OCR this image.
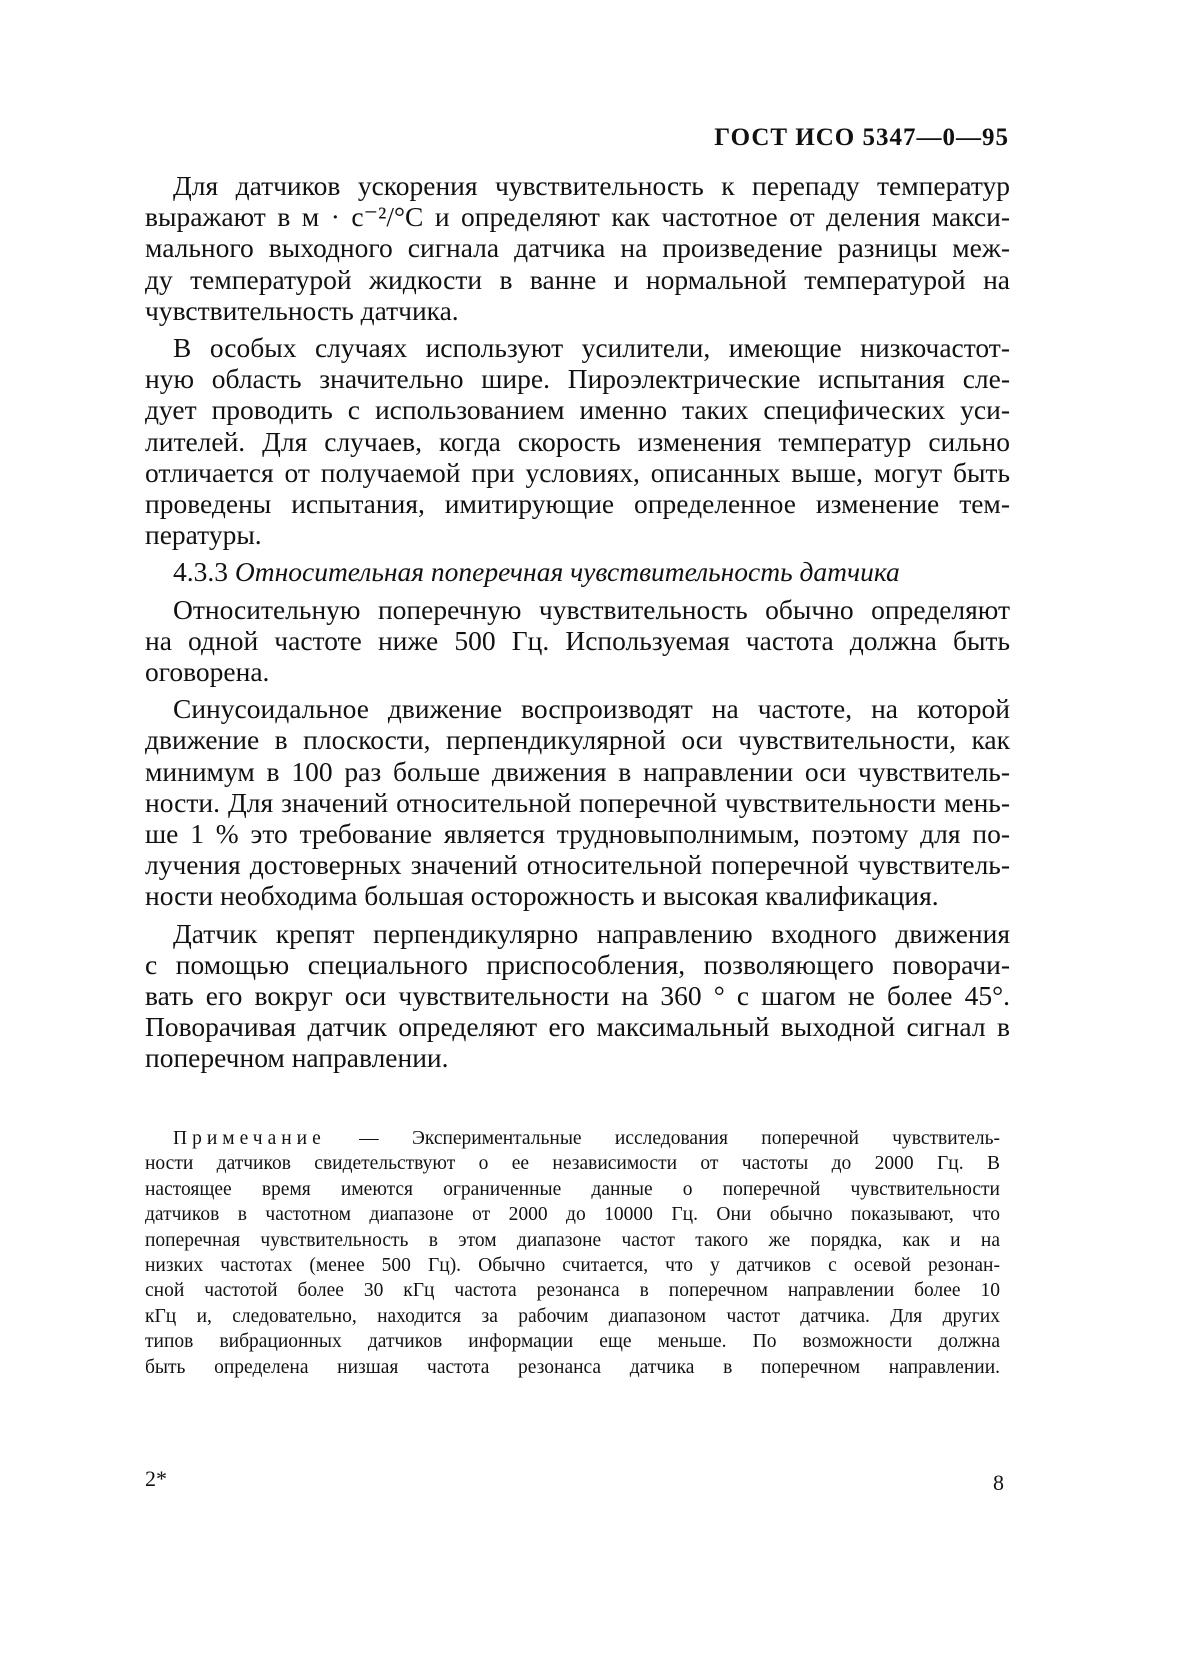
ГОСТ ИСО 5347—0—95
Для датчиков ускорения чувствительность к перепаду температур
выражают в м · с⁻²/°С и определяют как частотное от деления макси-
мального выходного сигнала датчика на произведение разницы меж-
ду температурой жидкости в ванне и нормальной температурой на
чувствительность датчика.
В особых случаях используют усилители, имеющие низкочастот-
ную область значительно шире. Пироэлектрические испытания сле-
дует проводить с использованием именно таких специфических уси-
лителей. Для случаев, когда скорость изменения температур сильно
отличается от получаемой при условиях, описанных выше, могут быть
проведены испытания, имитирующие определенное изменение тем-
пературы.
4.3.3 Относительная поперечная чувствительность датчика
Относительную поперечную чувствительность обычно определяют
на одной частоте ниже 500 Гц. Используемая частота должна быть
оговорена.
Синусоидальное движение воспроизводят на частоте, на которой
движение в плоскости, перпендикулярной оси чувствительности, как
минимум в 100 раз больше движения в направлении оси чувствитель-
ности. Для значений относительной поперечной чувствительности мень-
ше 1 % это требование является трудновыполнимым, поэтому для по-
лучения достоверных значений относительной поперечной чувствитель-
ности необходима большая осторожность и высокая квалификация.
Датчик крепят перпендикулярно направлению входного движения
с помощью специального приспособления, позволяющего поворачи-
вать его вокруг оси чувствительности на 360 ° с шагом не более 45°.
Поворачивая датчик определяют его максимальный выходной сигнал в
поперечном направлении.
Примечание — Экспериментальные исследования поперечной чувствитель-
ности датчиков свидетельствуют о ее независимости от частоты до 2000 Гц. В
настоящее время имеются ограниченные данные о поперечной чувствительности
датчиков в частотном диапазоне от 2000 до 10000 Гц. Они обычно показывают, что
поперечная чувствительность в этом диапазоне частот такого же порядка, как и на
низких частотах (менее 500 Гц). Обычно считается, что у датчиков с осевой резонан-
сной частотой более 30 кГц частота резонанса в поперечном направлении более 10
кГц и, следовательно, находится за рабочим диапазоном частот датчика. Для других
типов вибрационных датчиков информации еще меньше. По возможности должна
быть определена низшая частота резонанса датчика в поперечном направлении.
2*	8
